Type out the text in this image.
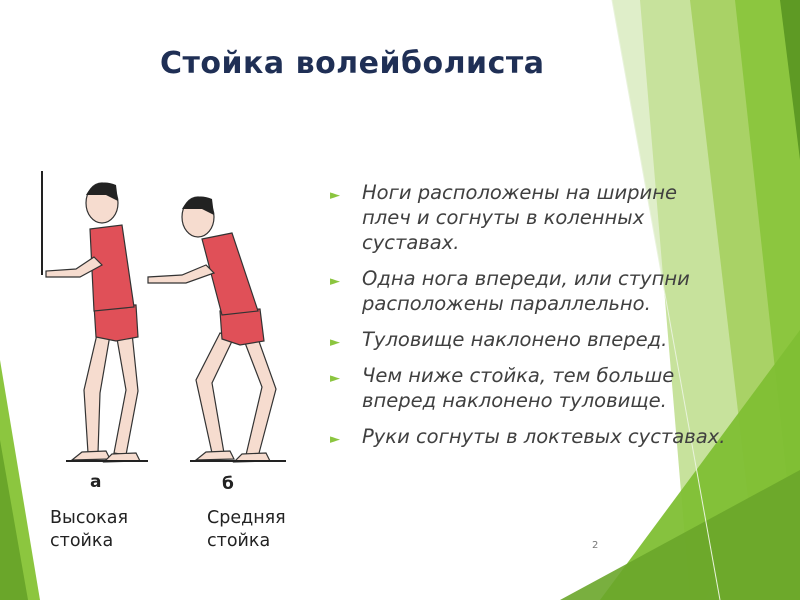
Стойка волейболиста
а	б
Высокая
стойка
Средняя
стойка
► Ноги расположены на ширине плеч и согнуты в коленных суставах.
► Одна нога впереди, или ступни расположены параллельно.
► Туловище наклонено вперед.
► Чем ниже стойка, тем больше вперед наклонено туловище.
► Руки согнуты в локтевых суставах.
2
